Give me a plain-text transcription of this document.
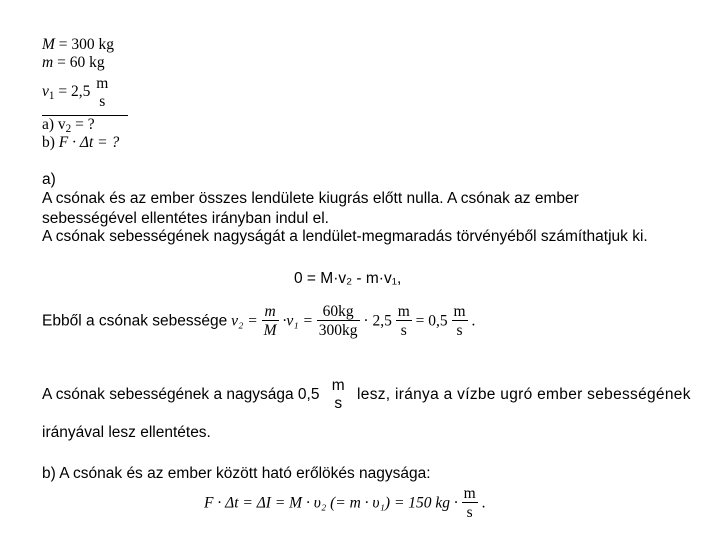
M = 300 kg
m = 60 kg
$v_1 = 2,5$ m
s
a) $v_2$ = ?
b) F · Δt = ?
a)
A csónak és az ember összes lendülete kiugrás előtt nulla. A csónak az ember sebességével ellentétes irányban indul el.
A csónak sebességének nagyságát a lendület-megmaradás törvényéből számíthatjuk ki.
0 = M·v₂ - m·v₁,
Ebből a csónak sebessége $v_2 = \frac{m}{M} \cdot v_1 = \frac{60kg}{300kg} \cdot 2,5 \frac{m}{s} = 0,5 \frac{m}{s}$ .
A csónak sebességének a nagysága 0,5
m
s
lesz, iránya a vízbe ugró ember sebességének
irányával lesz ellentétes.
b) A csónak és az ember között ható erőlökés nagysága:
F · Δt = ΔI = M · υ₂ (= m · υ₁) = 150 kg · $\frac{m}{s}$ .
